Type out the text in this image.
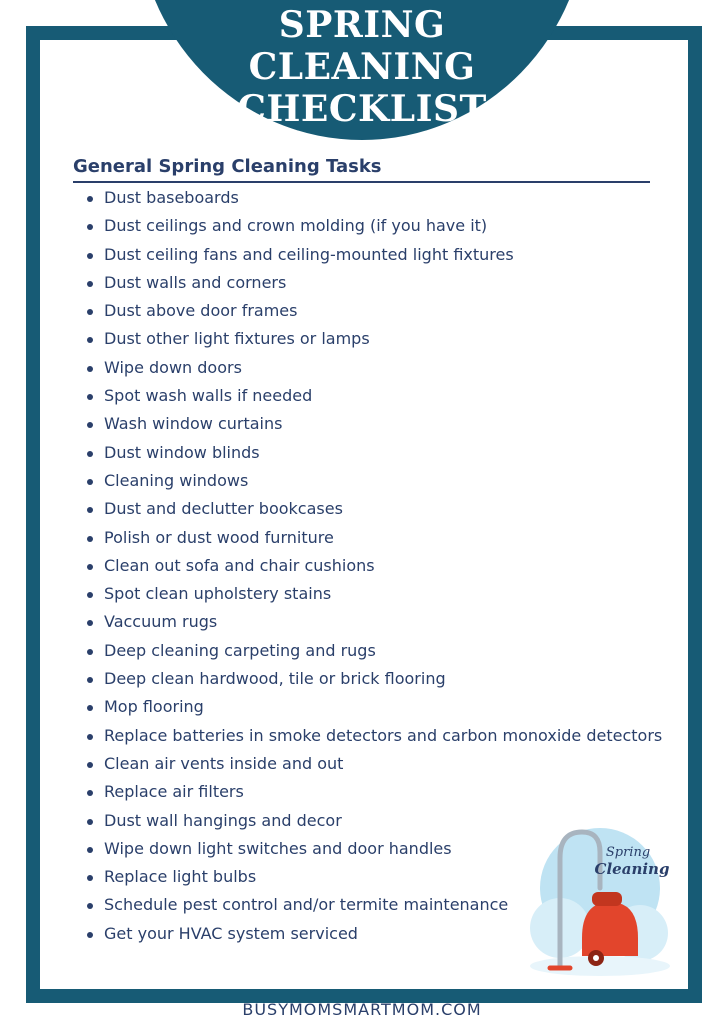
SPRING
CLEANING
CHECKLIST
General Spring Cleaning Tasks
Dust baseboards
Dust ceilings and crown molding (if you have it)
Dust ceiling fans and ceiling-mounted light fixtures
Dust walls and corners
Dust above door frames
Dust other light fixtures or lamps
Wipe down doors
Spot wash walls if needed
Wash window curtains
Dust window blinds
Cleaning windows
Dust and declutter bookcases
Polish or dust wood furniture
Clean out sofa and chair cushions
Spot clean upholstery stains
Vaccuum rugs
Deep cleaning carpeting and rugs
Deep clean hardwood, tile or brick flooring
Mop flooring
Replace batteries in smoke detectors and carbon monoxide detectors
Clean air vents inside and out
Replace air filters
Dust wall hangings and decor
Wipe down light switches and door handles
Replace light bulbs
Schedule pest control and/or termite maintenance
Get your HVAC system serviced
Spring
Cleaning
BUSYMOMSMARTMOM.COM
